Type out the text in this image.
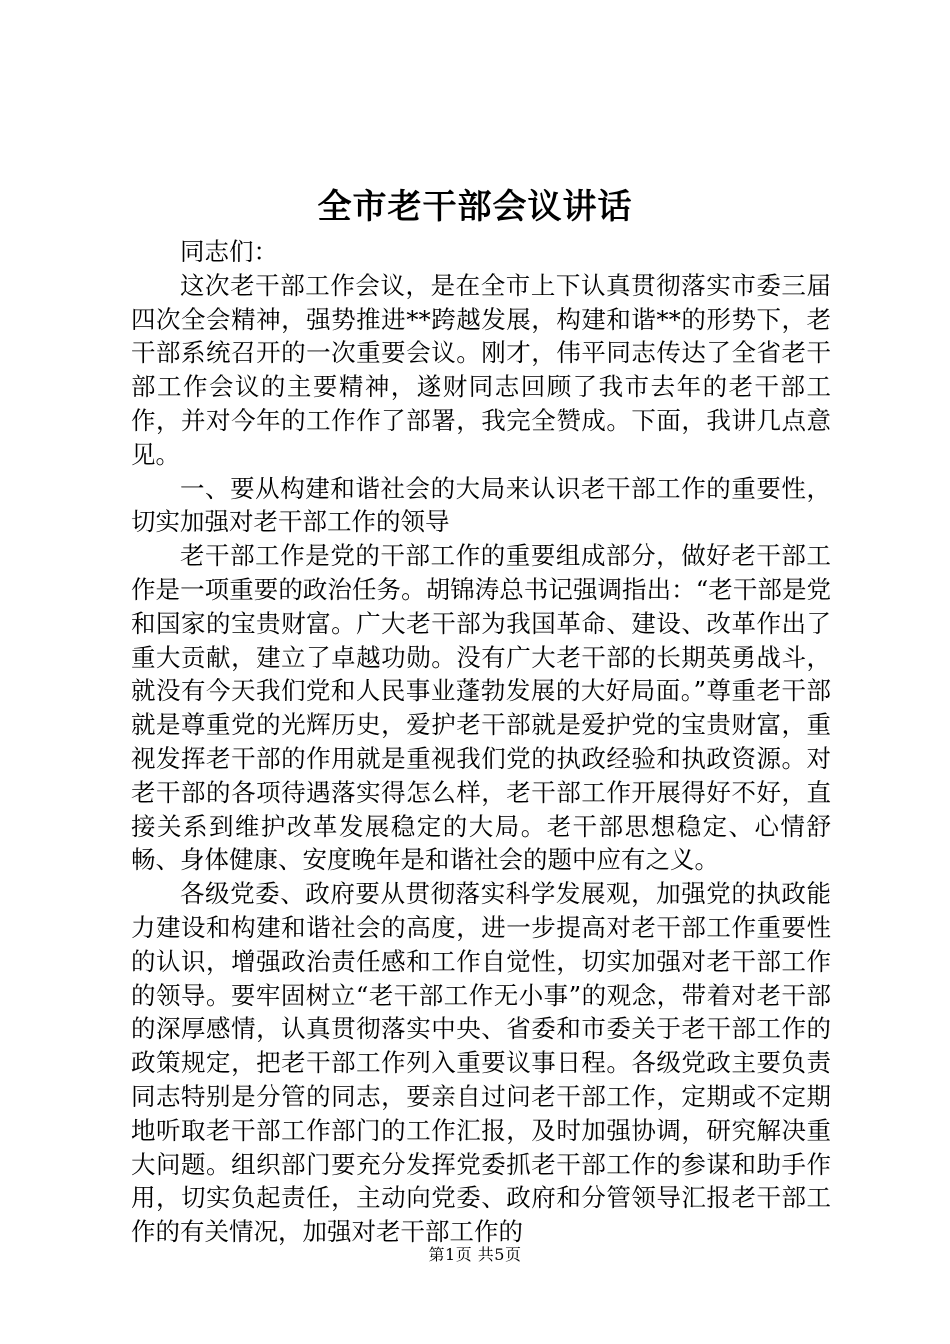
全市老干部会议讲话

同志们：

这次老干部工作会议，是在全市上下认真贯彻落实市委三届四次全会精神，强势推进**跨越发展，构建和谐**的形势下，老干部系统召开的一次重要会议。刚才，伟平同志传达了全省老干部工作会议的主要精神，遂财同志回顾了我市去年的老干部工作，并对今年的工作作了部署，我完全赞成。下面，我讲几点意见。

一、要从构建和谐社会的大局来认识老干部工作的重要性，切实加强对老干部工作的领导

老干部工作是党的干部工作的重要组成部分，做好老干部工作是一项重要的政治任务。胡锦涛总书记强调指出：“老干部是党和国家的宝贵财富。广大老干部为我国革命、建设、改革作出了重大贡献，建立了卓越功勋。没有广大老干部的长期英勇战斗，就没有今天我们党和人民事业蓬勃发展的大好局面。”尊重老干部就是尊重党的光辉历史，爱护老干部就是爱护党的宝贵财富，重视发挥老干部的作用就是重视我们党的执政经验和执政资源。对老干部的各项待遇落实得怎么样，老干部工作开展得好不好，直接关系到维护改革发展稳定的大局。老干部思想稳定、心情舒畅、身体健康、安度晚年是和谐社会的题中应有之义。

各级党委、政府要从贯彻落实科学发展观，加强党的执政能力建设和构建和谐社会的高度，进一步提高对老干部工作重要性的认识，增强政治责任感和工作自觉性，切实加强对老干部工作的领导。要牢固树立“老干部工作无小事”的观念，带着对老干部的深厚感情，认真贯彻落实中央、省委和市委关于老干部工作的政策规定，把老干部工作列入重要议事日程。各级党政主要负责同志特别是分管的同志，要亲自过问老干部工作，定期或不定期地听取老干部工作部门的工作汇报，及时加强协调，研究解决重大问题。组织部门要充分发挥党委抓老干部工作的参谋和助手作用，切实负起责任，主动向党委、政府和分管领导汇报老干部工作的有关情况，加强对老干部工作的

第1页 共5页
